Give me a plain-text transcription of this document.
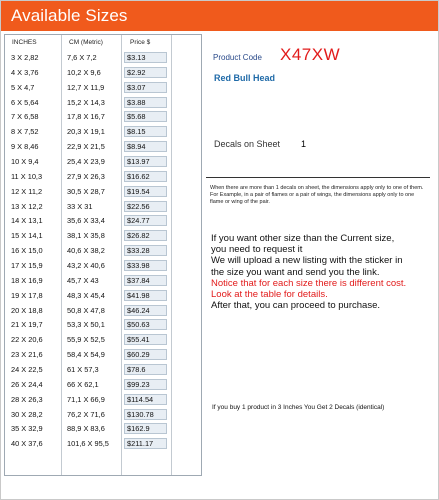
Available Sizes
INCHES	CM (Metric)	Price $
3 X 2,82	7,6 X 7,2	$3.13
4 X 3,76	10,2 X 9,6	$2.92
5 X 4,7	12,7 X 11,9	$3.07
6 X 5,64	15,2 X 14,3	$3.88
7 X 6,58	17,8 X 16,7	$5.68
8 X 7,52	20,3 X 19,1	$8.15
9 X 8,46	22,9 X 21,5	$8.94
10 X 9,4	25,4 X 23,9	$13.97
11 X 10,3	27,9 X 26,3	$16.62
12 X 11,2	30,5 X 28,7	$19.54
13 X 12,2	33 X 31	$22.56
14 X 13,1	35,6 X 33,4	$24.77
15 X 14,1	38,1 X 35,8	$26.82
16 X 15,0	40,6 X 38,2	$33.28
17 X 15,9	43,2 X 40,6	$33.98
18 X 16,9	45,7 X 43	$37.84
19 X 17,8	48,3 X 45,4	$41.98
20 X 18,8	50,8 X 47,8	$46.24
21 X 19,7	53,3 X 50,1	$50.63
22 X 20,6	55,9 X 52,5	$55.41
23 X 21,6	58,4 X 54,9	$60.29
24 X 22,5	61 X 57,3	$78.6
26 X 24,4	66 X 62,1	$99.23
28 X 26,3	71,1 X 66,9	$114.54
30 X 28,2	76,2 X 71,6	$130.78
35 X 32,9	88,9 X 83,6	$162.9
40 X 37,6	101,6 X 95,5	$211.17
Product Code X47XW
Red Bull Head
Decals on Sheet 1

When there are more than 1 decals on sheet, the dimensions apply only to one of them.

For Example, in a pair of flames or a pair of wings, the dimensions apply only to one flame or wing of the pair.

If you want other size than the Current size,
you need to request it
We will upload a new listing with the sticker in
the size you want and send you the link.
Notice that for each size there is different cost.
Look at the table for details.
After that, you can proceed to purchase.
If you buy 1 product in 3 Inches You Get 2 Decals (identical)
